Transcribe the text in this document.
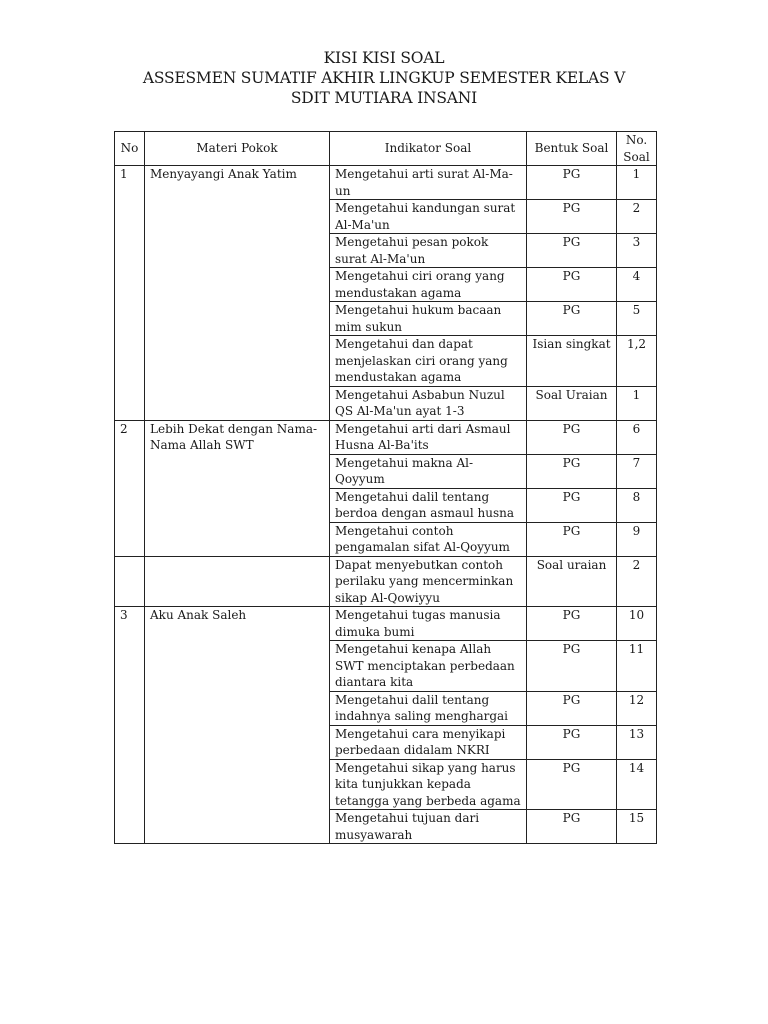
KISI KISI SOAL
ASSESMEN SUMATIF AKHIR LINGKUP SEMESTER KELAS V
SDIT MUTIARA INSANI
No	Materi Pokok	Indikator Soal	Bentuk Soal	No. Soal
1	Menyayangi Anak Yatim	Mengetahui arti surat Al-Ma-un	PG	1
		Mengetahui kandungan surat Al-Ma'un	PG	2
		Mengetahui pesan pokok surat Al-Ma'un	PG	3
		Mengetahui ciri orang yang mendustakan agama	PG	4
		Mengetahui hukum bacaan mim sukun	PG	5
		Mengetahui dan dapat menjelaskan ciri orang yang mendustakan agama	Isian singkat	1,2
		Mengetahui Asbabun Nuzul QS Al-Ma'un ayat 1-3	Soal Uraian	1
2	Lebih Dekat dengan Nama-Nama Allah SWT	Mengetahui arti dari Asmaul Husna Al-Ba'its	PG	6
		Mengetahui makna Al-Qoyyum	PG	7
		Mengetahui dalil tentang berdoa dengan asmaul husna	PG	8
		Mengetahui contoh pengamalan sifat Al-Qoyyum	PG	9
		Dapat menyebutkan contoh perilaku yang mencerminkan sikap Al-Qowiyyu	Soal uraian	2
3	Aku Anak Saleh	Mengetahui tugas manusia dimuka bumi	PG	10
		Mengetahui kenapa Allah SWT menciptakan perbedaan diantara kita	PG	11
		Mengetahui dalil tentang indahnya saling menghargai	PG	12
		Mengetahui cara menyikapi perbedaan didalam NKRI	PG	13
		Mengetahui sikap yang harus kita tunjukkan kepada tetangga yang berbeda agama	PG	14
		Mengetahui tujuan dari musyawarah	PG	15
